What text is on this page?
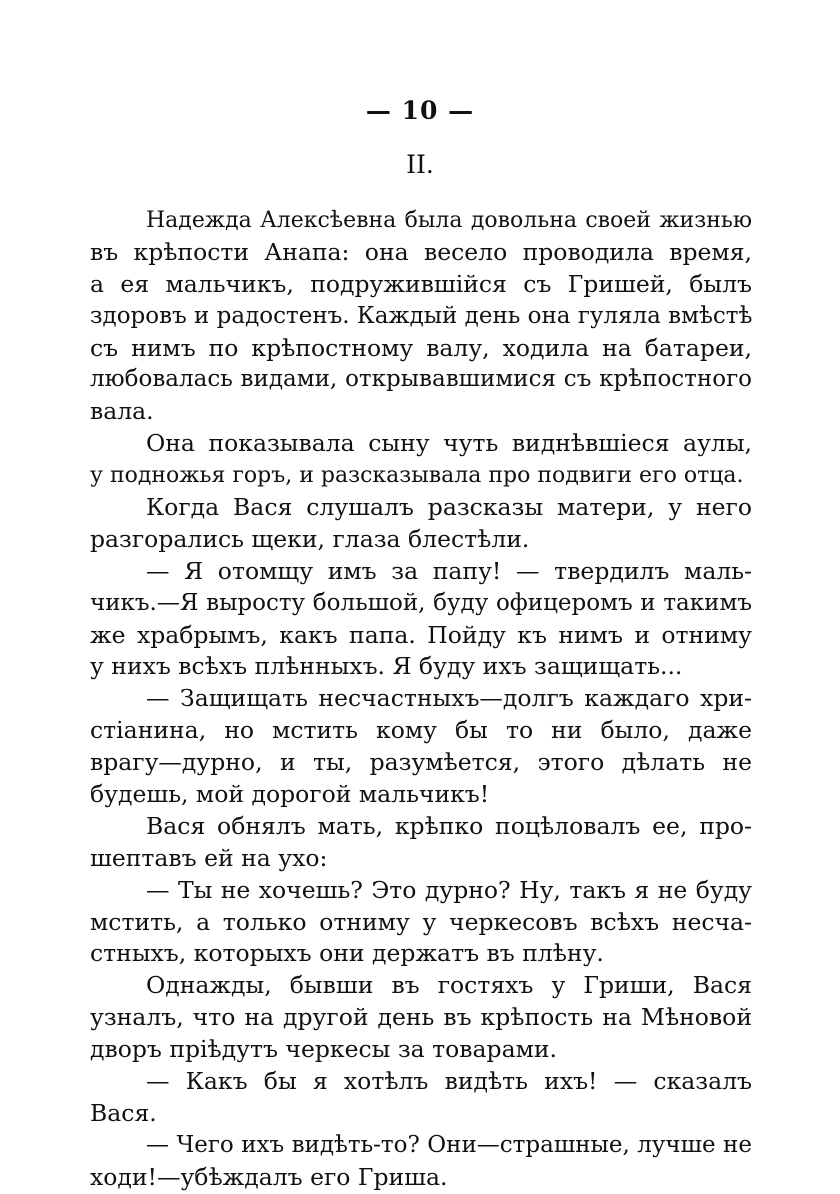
— 10 —
II.
Надежда Алексѣевна была довольна своей жизнью
въ крѣпости Анапа: она весело проводила время,
а ея мальчикъ, подружившійся съ Гришей, былъ
здоровъ и радостенъ. Каждый день она гуляла вмѣстѣ
съ нимъ по крѣпостному валу, ходила на батареи,
любовалась видами, открывавшимися съ крѣпостного
вала.
Она показывала сыну чуть виднѣвшіеся аулы,
у подножья горъ, и разсказывала про подвиги его отца.
Когда Вася слушалъ разсказы матери, у него
разгорались щеки, глаза блестѣли.
— Я отомщу имъ за папу! — твердилъ маль-
чикъ.—Я выросту большой, буду офицеромъ и такимъ
же храбрымъ, какъ папа. Пойду къ нимъ и отниму
у нихъ всѣхъ плѣнныхъ. Я буду ихъ защищать...
— Защищать несчастныхъ—долгъ каждаго хри-
стіанина, но мстить кому бы то ни было, даже
врагу—дурно, и ты, разумѣется, этого дѣлать не
будешь, мой дорогой мальчикъ!
Вася обнялъ мать, крѣпко поцѣловалъ ее, про-
шептавъ ей на ухо:
— Ты не хочешь? Это дурно? Ну, такъ я не буду
мстить, а только отниму у черкесовъ всѣхъ несча-
стныхъ, которыхъ они держатъ въ плѣну.
Однажды, бывши въ гостяхъ у Гриши, Вася
узналъ, что на другой день въ крѣпость на Мѣновой
дворъ пріѣдутъ черкесы за товарами.
— Какъ бы я хотѣлъ видѣть ихъ! — сказалъ
Вася.
— Чего ихъ видѣть-то? Они—страшные, лучше не
ходи!—убѣждалъ его Гриша.
